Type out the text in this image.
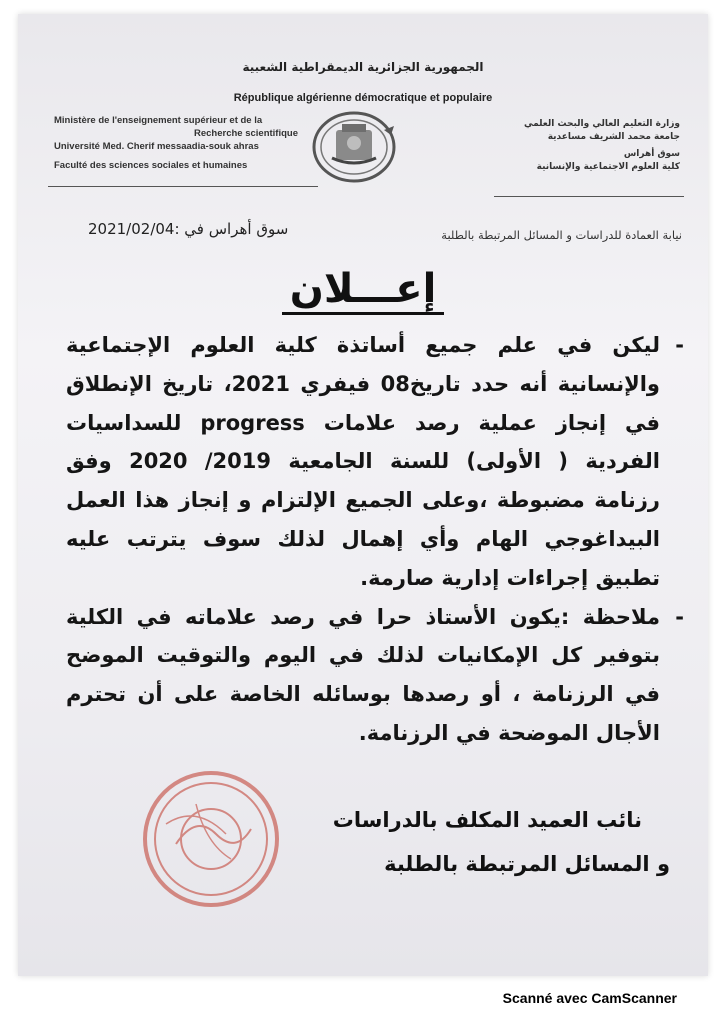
الجمهورية الجزائرية الديمقراطية الشعبية
République algérienne démocratique et populaire
Ministère de l'enseignement supérieur et de la
Recherche scientifique
Université Med. Cherif messaadia-souk ahras
Faculté des sciences sociales et humaines
وزارة التعليم العالي والبحث العلمي
جامعة محمد الشريف مساعدية
سوق أهراس
كلية العلوم الاجتماعية والإنسانية
نيابة العمادة للدراسات و المسائل المرتبطة بالطلبة
سوق أهراس في :2021/02/04
إعـــلان
-
ليكن في علم جميع أساتذة كلية العلوم الإجتماعية والإنسانية أنه حدد تاريخ08 فيفري 2021، تاريخ الإنطلاق في إنجاز عملية رصد علامات progress للسداسيات الفردية ( الأولى) للسنة الجامعية 2019/ 2020 وفق رزنامة مضبوطة ،وعلى الجميع الإلتزام و إنجاز هذا العمل البيداغوجي الهام وأي إهمال لذلك سوف يترتب عليه تطبيق إجراءات إدارية صارمة.
-
ملاحظة :يكون الأستاذ حرا في رصد علاماته في الكلية بتوفير كل الإمكانيات لذلك في اليوم والتوقيت الموضح في الرزنامة ، أو رصدها بوسائله الخاصة على أن تحترم الأجال الموضحة في الرزنامة.
نائب العميد المكلف بالدراسات
و المسائل المرتبطة بالطلبة
Scanné avec CamScanner
